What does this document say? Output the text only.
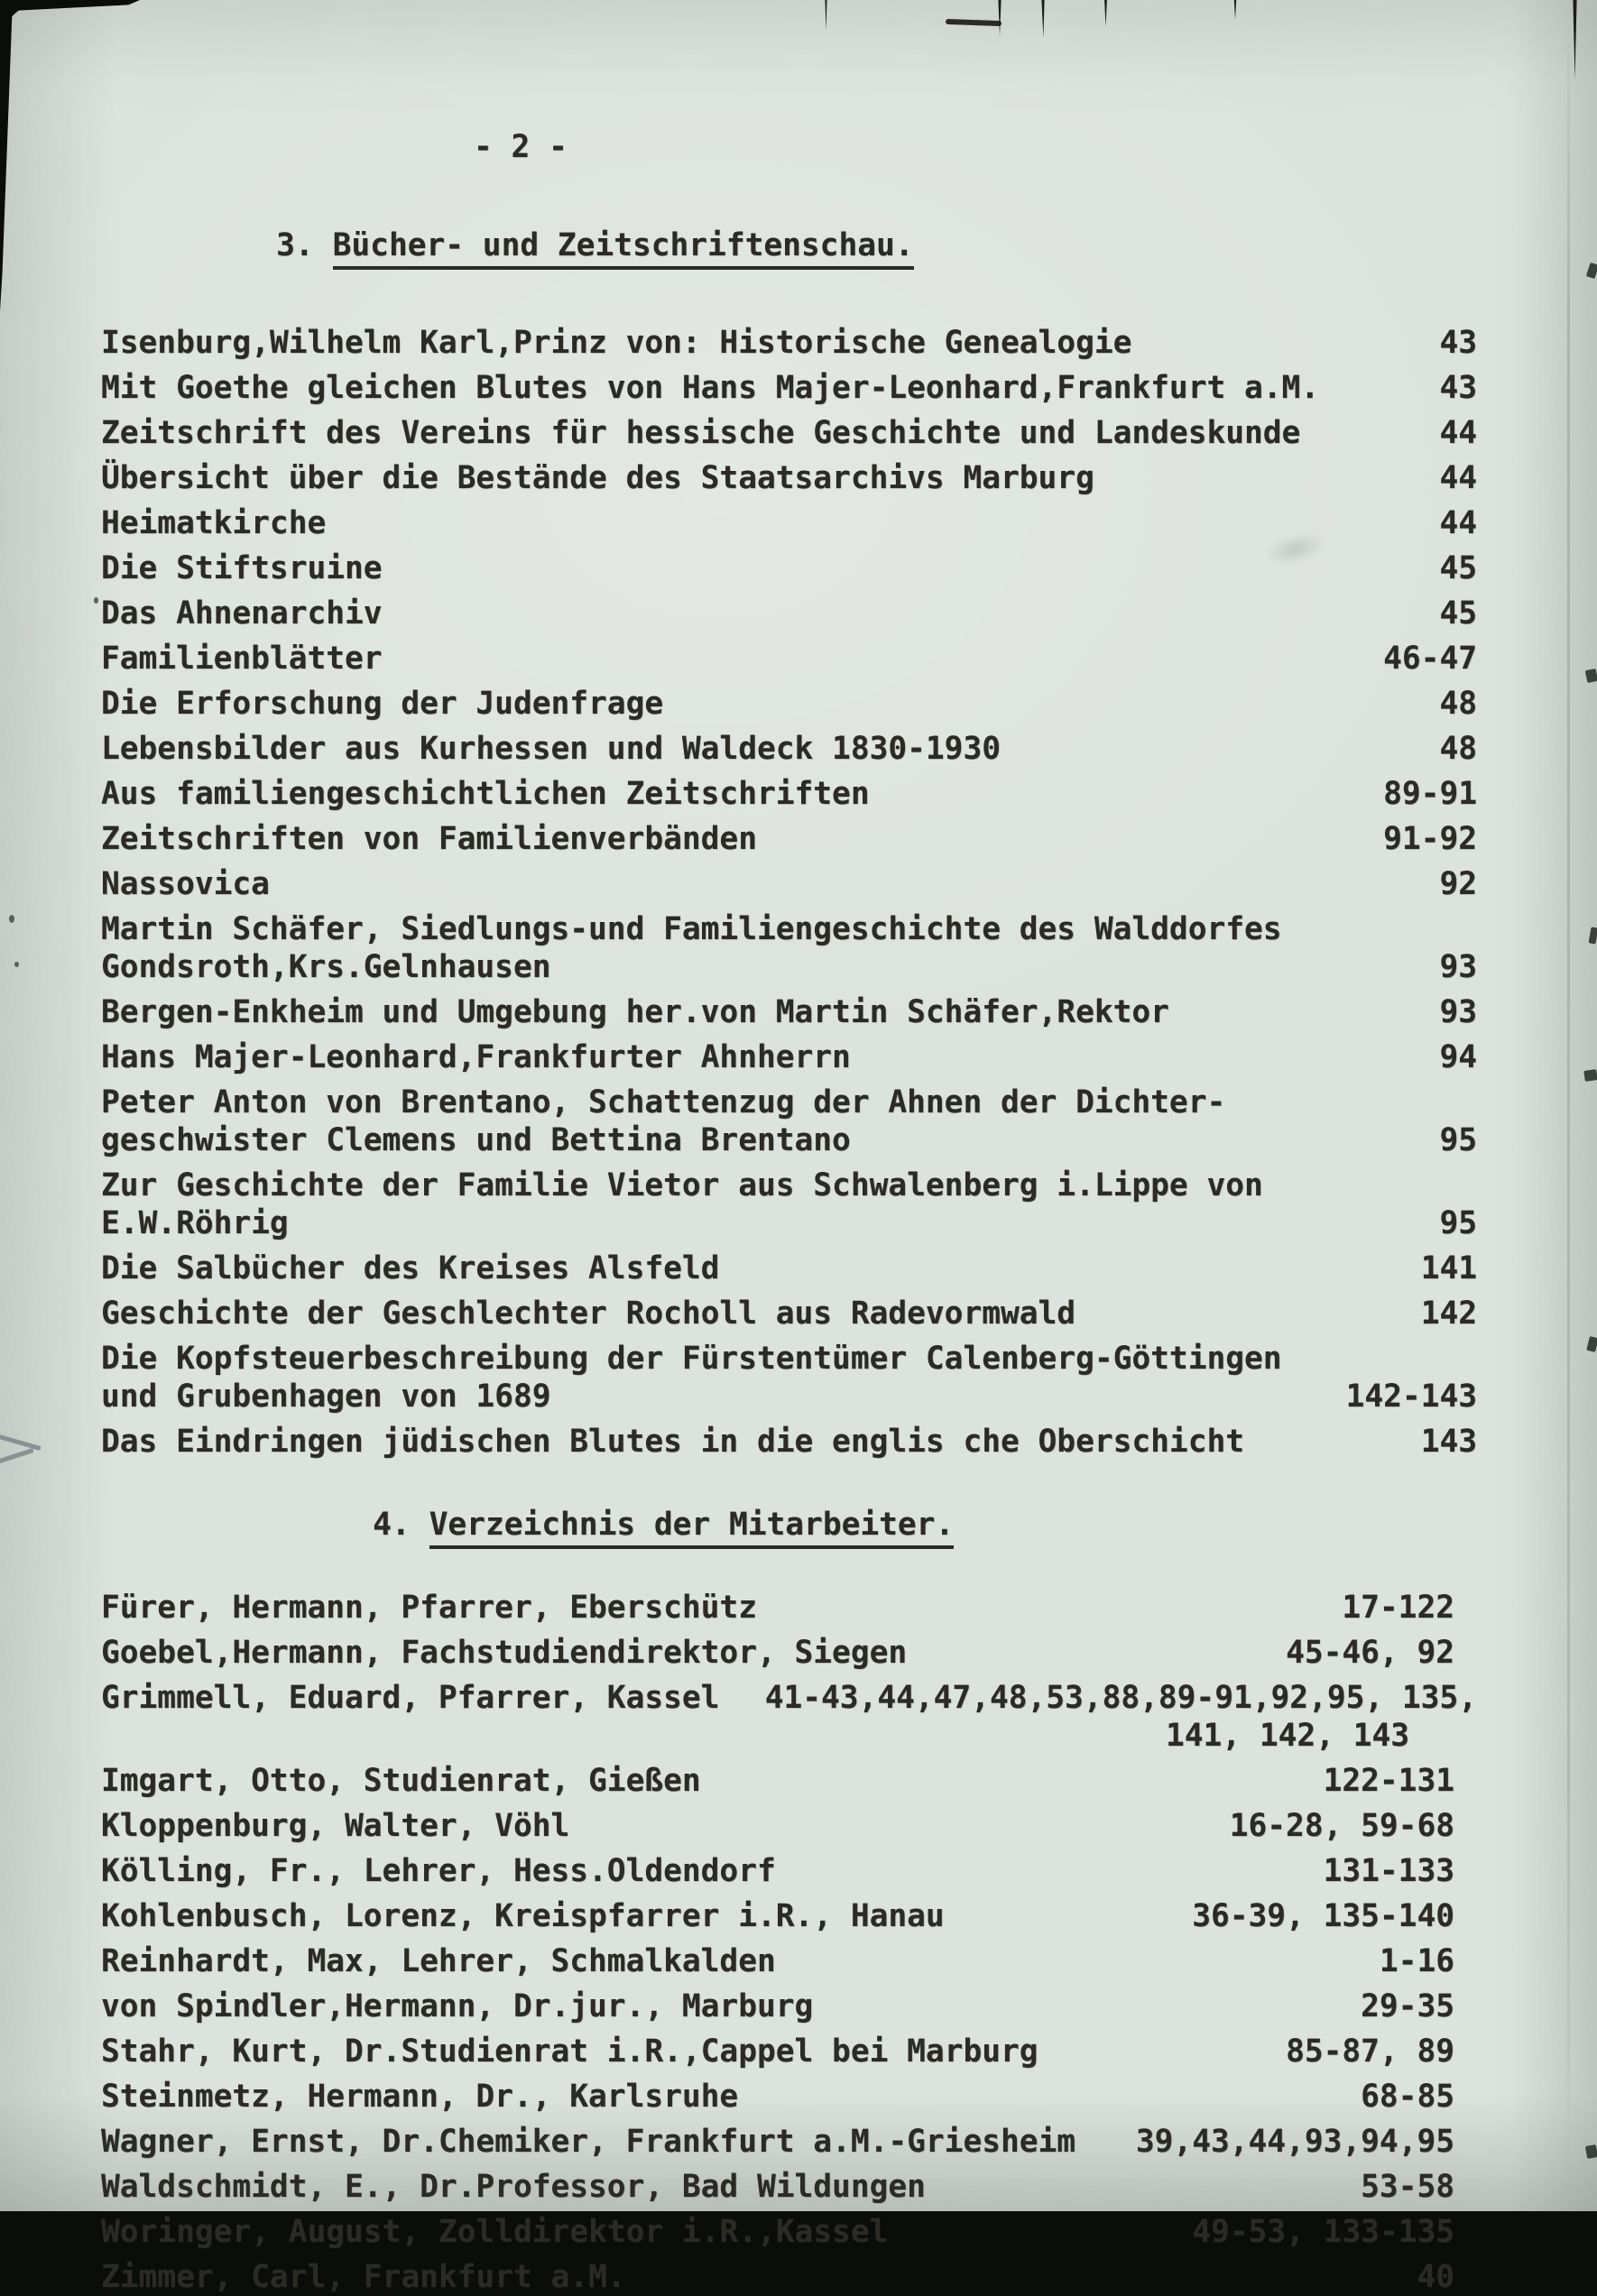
- 2 -

3. Bücher- und Zeitschriftenschau.

Isenburg,Wilhelm Karl,Prinz von: Historische Genealogie	43
Mit Goethe gleichen Blutes von Hans Majer-Leonhard,Frankfurt a.M.	43
Zeitschrift des Vereins für hessische Geschichte und Landeskunde	44
Übersicht über die Bestände des Staatsarchivs Marburg	44
Heimatkirche	44
Die Stiftsruine	45
Das Ahnenarchiv	45
Familienblätter	46-47
Die Erforschung der Judenfrage	48
Lebensbilder aus Kurhessen und Waldeck 1830-1930	48
Aus familiengeschichtlichen Zeitschriften	89-91
Zeitschriften von Familienverbänden	91-92
Nassovica	92
Martin Schäfer, Siedlungs-und Familiengeschichte des Walddorfes
Gondsroth,Krs.Gelnhausen	93
Bergen-Enkheim und Umgebung her.von Martin Schäfer,Rektor	93
Hans Majer-Leonhard,Frankfurter Ahnherrn	94
Peter Anton von Brentano, Schattenzug der Ahnen der Dichter-
geschwister Clemens und Bettina Brentano	95
Zur Geschichte der Familie Vietor aus Schwalenberg i.Lippe von
E.W.Röhrig	95
Die Salbücher des Kreises Alsfeld	141
Geschichte der Geschlechter Rocholl aus Radevormwald	142
Die Kopfsteuerbeschreibung der Fürstentümer Calenberg-Göttingen
und Grubenhagen von 1689	142-143
Das Eindringen jüdischen Blutes in die englis che Oberschicht	143

4. Verzeichnis der Mitarbeiter.

Fürer, Hermann, Pfarrer, Eberschütz	17-122
Goebel,Hermann, Fachstudiendirektor, Siegen	45-46, 92
Grimmell, Eduard, Pfarrer, Kassel	41-43,44,47,48,53,88,89-91,92,95, 135,
141, 142, 143
Imgart, Otto, Studienrat, Gießen	122-131
Kloppenburg, Walter, Vöhl	16-28, 59-68
Kölling, Fr., Lehrer, Hess.Oldendorf	131-133
Kohlenbusch, Lorenz, Kreispfarrer i.R., Hanau	36-39, 135-140
Reinhardt, Max, Lehrer, Schmalkalden	1-16
von Spindler,Hermann, Dr.jur., Marburg	29-35
Stahr, Kurt, Dr.Studienrat i.R.,Cappel bei Marburg	85-87, 89
Steinmetz, Hermann, Dr., Karlsruhe	68-85
Wagner, Ernst, Dr.Chemiker, Frankfurt a.M.-Griesheim	39,43,44,93,94,95
Waldschmidt, E., Dr.Professor, Bad Wildungen	53-58
Woringer, August, Zolldirektor i.R.,Kassel	49-53, 133-135
Zimmer, Carl, Frankfurt a.M.	40
